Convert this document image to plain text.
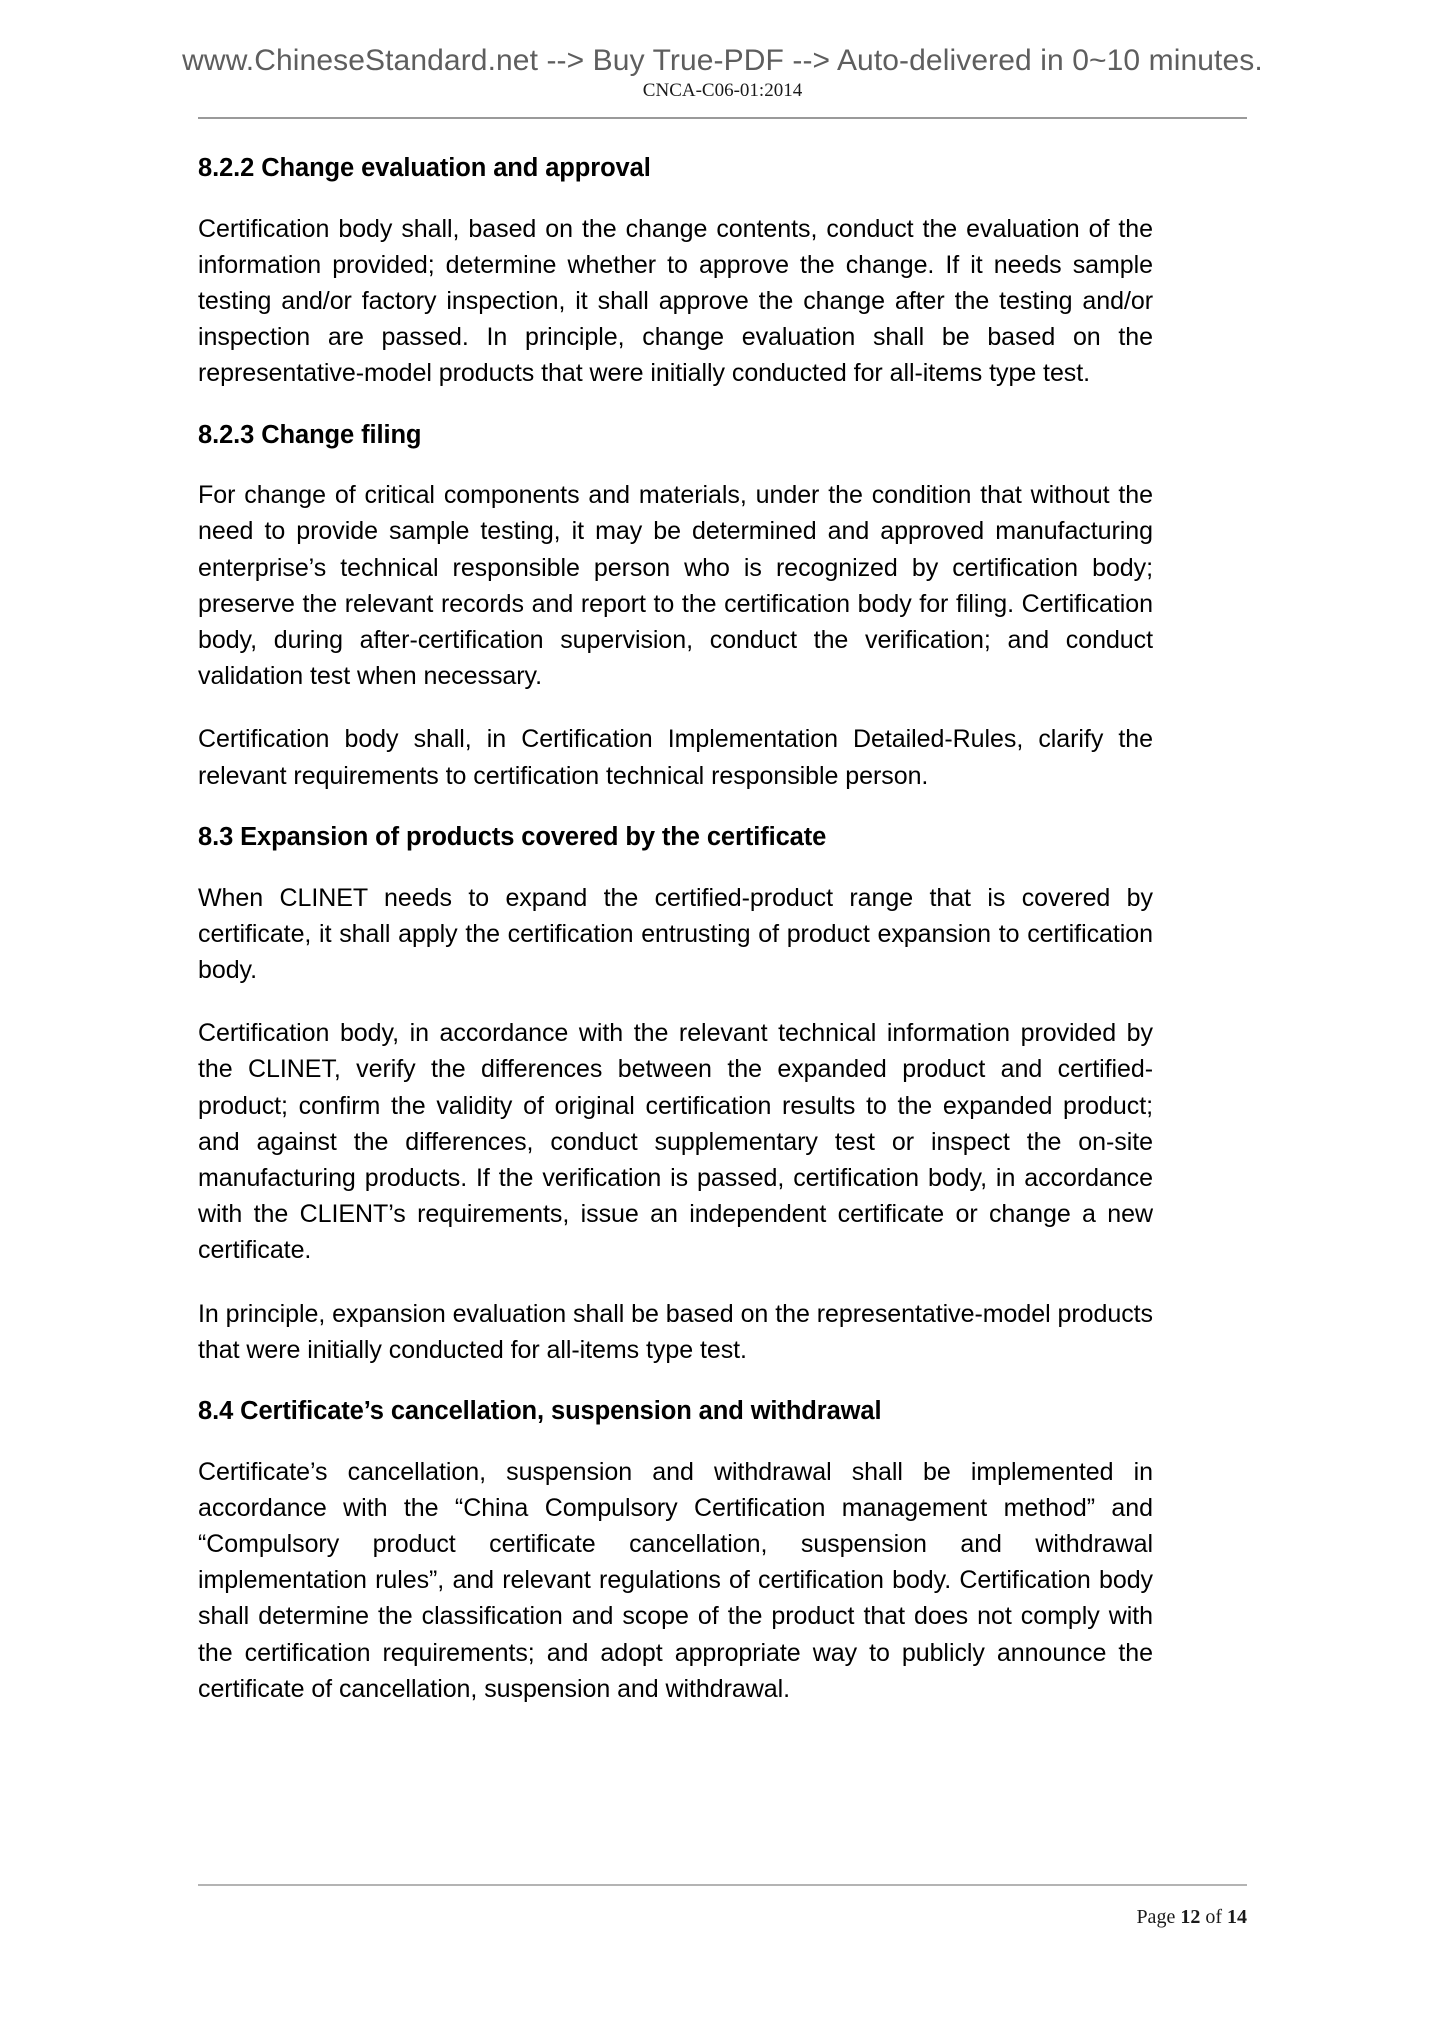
www.ChineseStandard.net --> Buy True-PDF --> Auto-delivered in 0~10 minutes.
CNCA-C06-01:2014
8.2.2 Change evaluation and approval

Certification body shall, based on the change contents, conduct the evaluation of the information provided; determine whether to approve the change. If it needs sample testing and/or factory inspection, it shall approve the change after the testing and/or inspection are passed. In principle, change evaluation shall be based on the representative-model products that were initially conducted for all-items type test.

8.2.3 Change filing

For change of critical components and materials, under the condition that without the need to provide sample testing, it may be determined and approved manufacturing enterprise’s technical responsible person who is recognized by certification body; preserve the relevant records and report to the certification body for filing. Certification body, during after-certification supervision, conduct the verification; and conduct validation test when necessary.

Certification body shall, in Certification Implementation Detailed-Rules, clarify the relevant requirements to certification technical responsible person.

8.3 Expansion of products covered by the certificate

When CLINET needs to expand the certified-product range that is covered by certificate, it shall apply the certification entrusting of product expansion to certification body.

Certification body, in accordance with the relevant technical information provided by the CLINET, verify the differences between the expanded product and certified-product; confirm the validity of original certification results to the expanded product; and against the differences, conduct supplementary test or inspect the on-site manufacturing products. If the verification is passed, certification body, in accordance with the CLIENT’s requirements, issue an independent certificate or change a new certificate.

In principle, expansion evaluation shall be based on the representative-model products that were initially conducted for all-items type test.

8.4 Certificate’s cancellation, suspension and withdrawal

Certificate’s cancellation, suspension and withdrawal shall be implemented in accordance with the “China Compulsory Certification management method” and “Compulsory product certificate cancellation, suspension and withdrawal implementation rules”, and relevant regulations of certification body. Certification body shall determine the classification and scope of the product that does not comply with the certification requirements; and adopt appropriate way to publicly announce the certificate of cancellation, suspension and withdrawal.

Page 12 of 14
